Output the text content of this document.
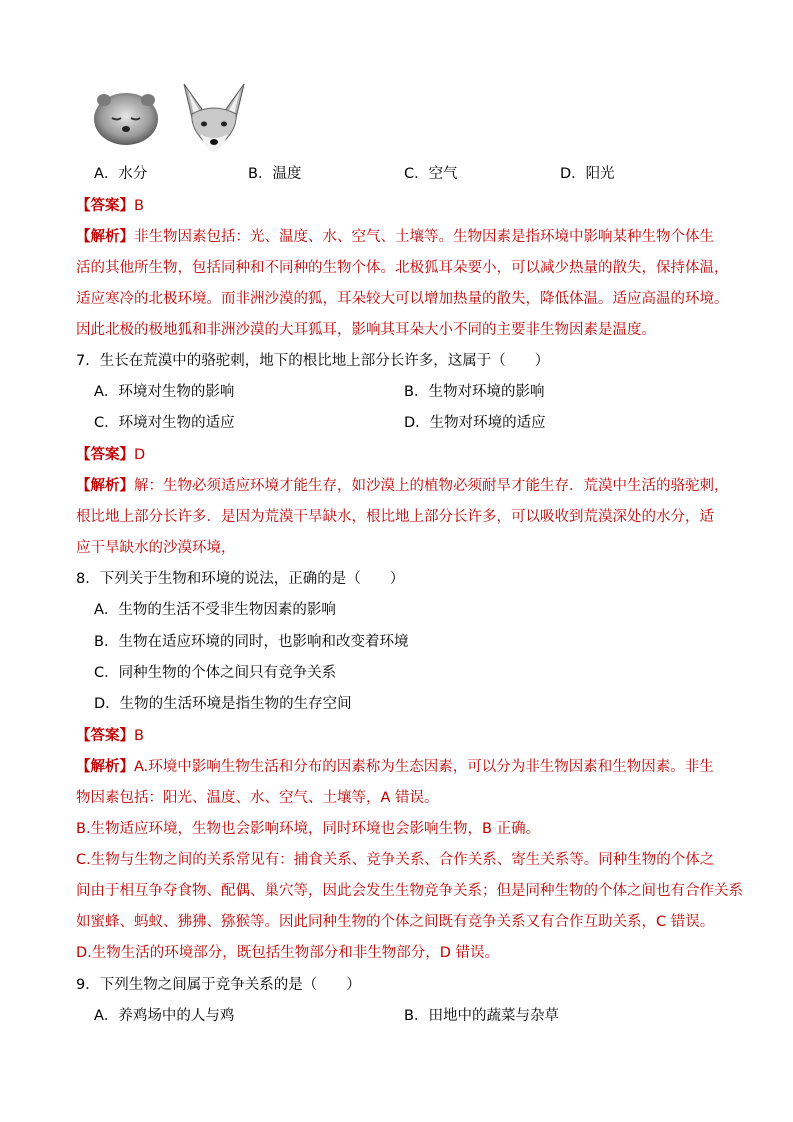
A．水分	B．温度	C．空气	D．阳光
【答案】B
【解析】非生物因素包括：光、温度、水、空气、土壤等。生物因素是指环境中影响某种生物个体生
活的其他所生物，包括同种和不同种的生物个体。北极狐耳朵要小，可以减少热量的散失，保持体温，
适应寒冷的北极环境。而非洲沙漠的狐，耳朵较大可以增加热量的散失，降低体温。适应高温的环境。
因此北极的极地狐和非洲沙漠的大耳狐耳，影响其耳朵大小不同的主要非生物因素是温度。
7．生长在荒漠中的骆驼刺，地下的根比地上部分长许多，这属于（　　）
A．环境对生物的影响	B．生物对环境的影响
C．环境对生物的适应	D．生物对环境的适应
【答案】D
【解析】解：生物必须适应环境才能生存，如沙漠上的植物必须耐旱才能生存．荒漠中生活的骆驼刺，
根比地上部分长许多．是因为荒漠干旱缺水，根比地上部分长许多，可以吸收到荒漠深处的水分，适
应干旱缺水的沙漠环境，
8．下列关于生物和环境的说法，正确的是（　　）
A．生物的生活不受非生物因素的影响
B．生物在适应环境的同时，也影响和改变着环境
C．同种生物的个体之间只有竞争关系
D．生物的生活环境是指生物的生存空间
【答案】B
【解析】A.环境中影响生物生活和分布的因素称为生态因素，可以分为非生物因素和生物因素。非生
物因素包括：阳光、温度、水、空气、土壤等，A 错误。
B.生物适应环境，生物也会影响环境，同时环境也会影响生物，B 正确。
C.生物与生物之间的关系常见有：捕食关系、竞争关系、合作关系、寄生关系等。同种生物的个体之
间由于相互争夺食物、配偶、巢穴等，因此会发生生物竞争关系；但是同种生物的个体之间也有合作关系
如蜜蜂、蚂蚁、狒狒、猕猴等。因此同种生物的个体之间既有竞争关系又有合作互助关系，C 错误。
D.生物生活的环境部分，既包括生物部分和非生物部分，D 错误。
9．下列生物之间属于竞争关系的是（　　）
A．养鸡场中的人与鸡	B．田地中的蔬菜与杂草
